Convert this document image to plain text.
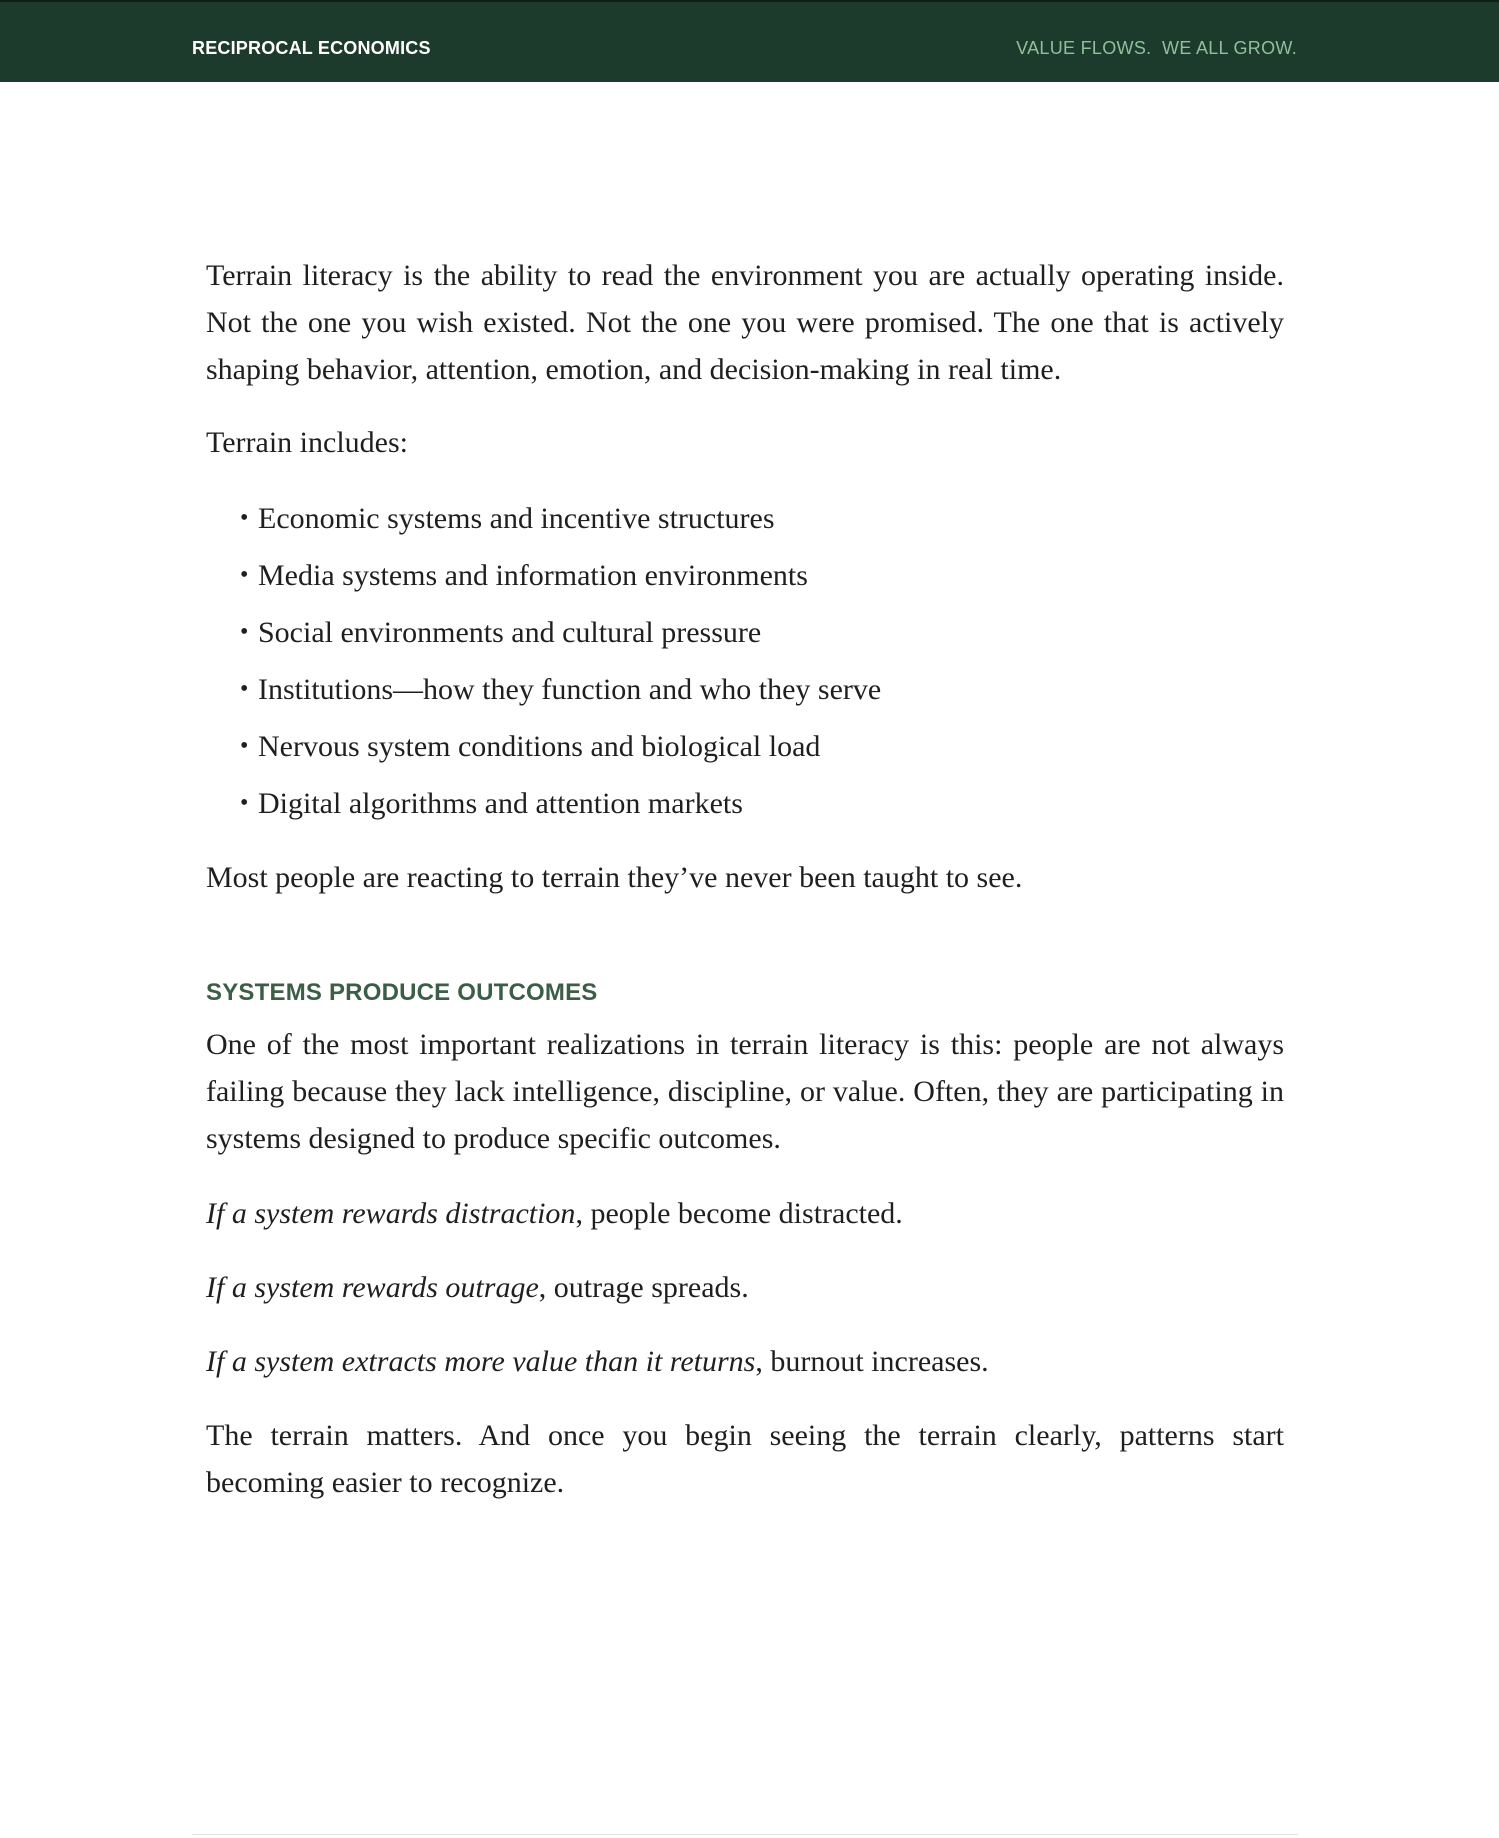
RECIPROCAL ECONOMICS	VALUE FLOWS.  WE ALL GROW.

Terrain literacy is the ability to read the environment you are actually operating inside. Not the one you wish existed. Not the one you were promised. The one that is actively shaping behavior, attention, emotion, and decision-making in real time.

Terrain includes:

• Economic systems and incentive structures
• Media systems and information environments
• Social environments and cultural pressure
• Institutions—how they function and who they serve
• Nervous system conditions and biological load
• Digital algorithms and attention markets

Most people are reacting to terrain they’ve never been taught to see.

SYSTEMS PRODUCE OUTCOMES

One of the most important realizations in terrain literacy is this: people are not always failing because they lack intelligence, discipline, or value. Often, they are participating in systems designed to produce specific outcomes.

If a system rewards distraction, people become distracted.

If a system rewards outrage, outrage spreads.

If a system extracts more value than it returns, burnout increases.

The terrain matters. And once you begin seeing the terrain clearly, patterns start becoming easier to recognize.
